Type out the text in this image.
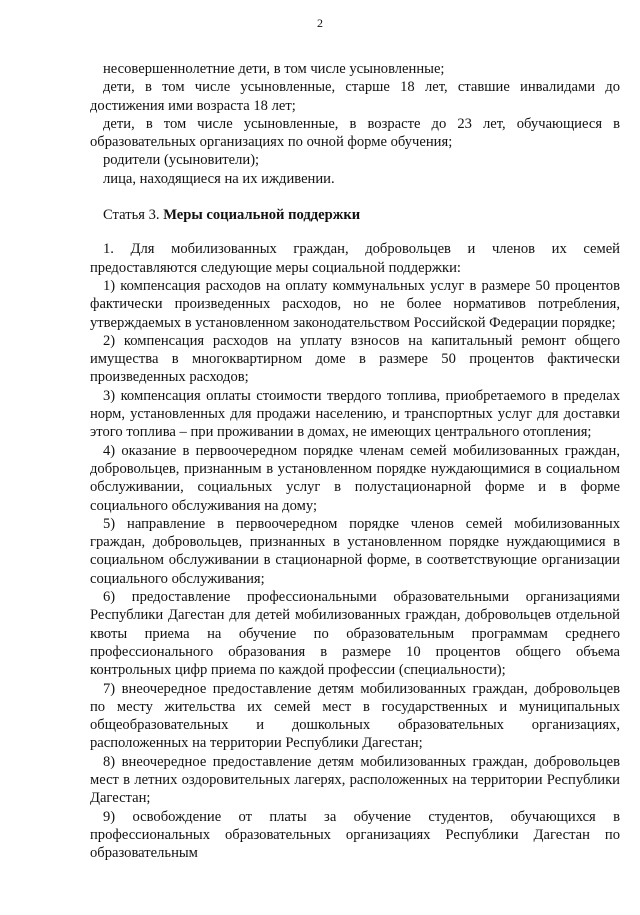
2

несовершеннолетние дети, в том числе усыновленные;

дети, в том числе усыновленные, старше 18 лет, ставшие инвалидами до достижения ими возраста 18 лет;

дети, в том числе усыновленные, в возрасте до 23 лет, обучающиеся в образовательных организациях по очной форме обучения;

родители (усыновители);

лица, находящиеся на их иждивении.

Статья 3. Меры социальной поддержки

1. Для мобилизованных граждан, добровольцев и членов их семей предоставляются следующие меры социальной поддержки:

1) компенсация расходов на оплату коммунальных услуг в размере 50 процентов фактически произведенных расходов, но не более нормативов потребления, утверждаемых в установленном законодательством Российской Федерации порядке;

2) компенсация расходов на уплату взносов на капитальный ремонт общего имущества в многоквартирном доме в размере 50 процентов фактически произведенных расходов;

3) компенсация оплаты стоимости твердого топлива, приобретаемого в пределах норм, установленных для продажи населению, и транспортных услуг для доставки этого топлива – при проживании в домах, не имеющих центрального отопления;

4) оказание в первоочередном порядке членам семей мобилизованных граждан, добровольцев, признанным в установленном порядке нуждающимися в социальном обслуживании, социальных услуг в полустационарной форме и в форме социального обслуживания на дому;

5) направление в первоочередном порядке членов семей мобилизованных граждан, добровольцев, признанных в установленном порядке нуждающимися в социальном обслуживании в стационарной форме, в соответствующие организации социального обслуживания;

6) предоставление профессиональными образовательными организациями Республики Дагестан для детей мобилизованных граждан, добровольцев отдельной квоты приема на обучение по образовательным программам среднего профессионального образования в размере 10 процентов общего объема контрольных цифр приема по каждой профессии (специальности);

7) внеочередное предоставление детям мобилизованных граждан, добровольцев по месту жительства их семей мест в государственных и муниципальных общеобразовательных и дошкольных образовательных организациях, расположенных на территории Республики Дагестан;

8) внеочередное предоставление детям мобилизованных граждан, добровольцев мест в летних оздоровительных лагерях, расположенных на территории Республики Дагестан;

9) освобождение от платы за обучение студентов, обучающихся в профессиональных образовательных организациях Республики Дагестан по образовательным
